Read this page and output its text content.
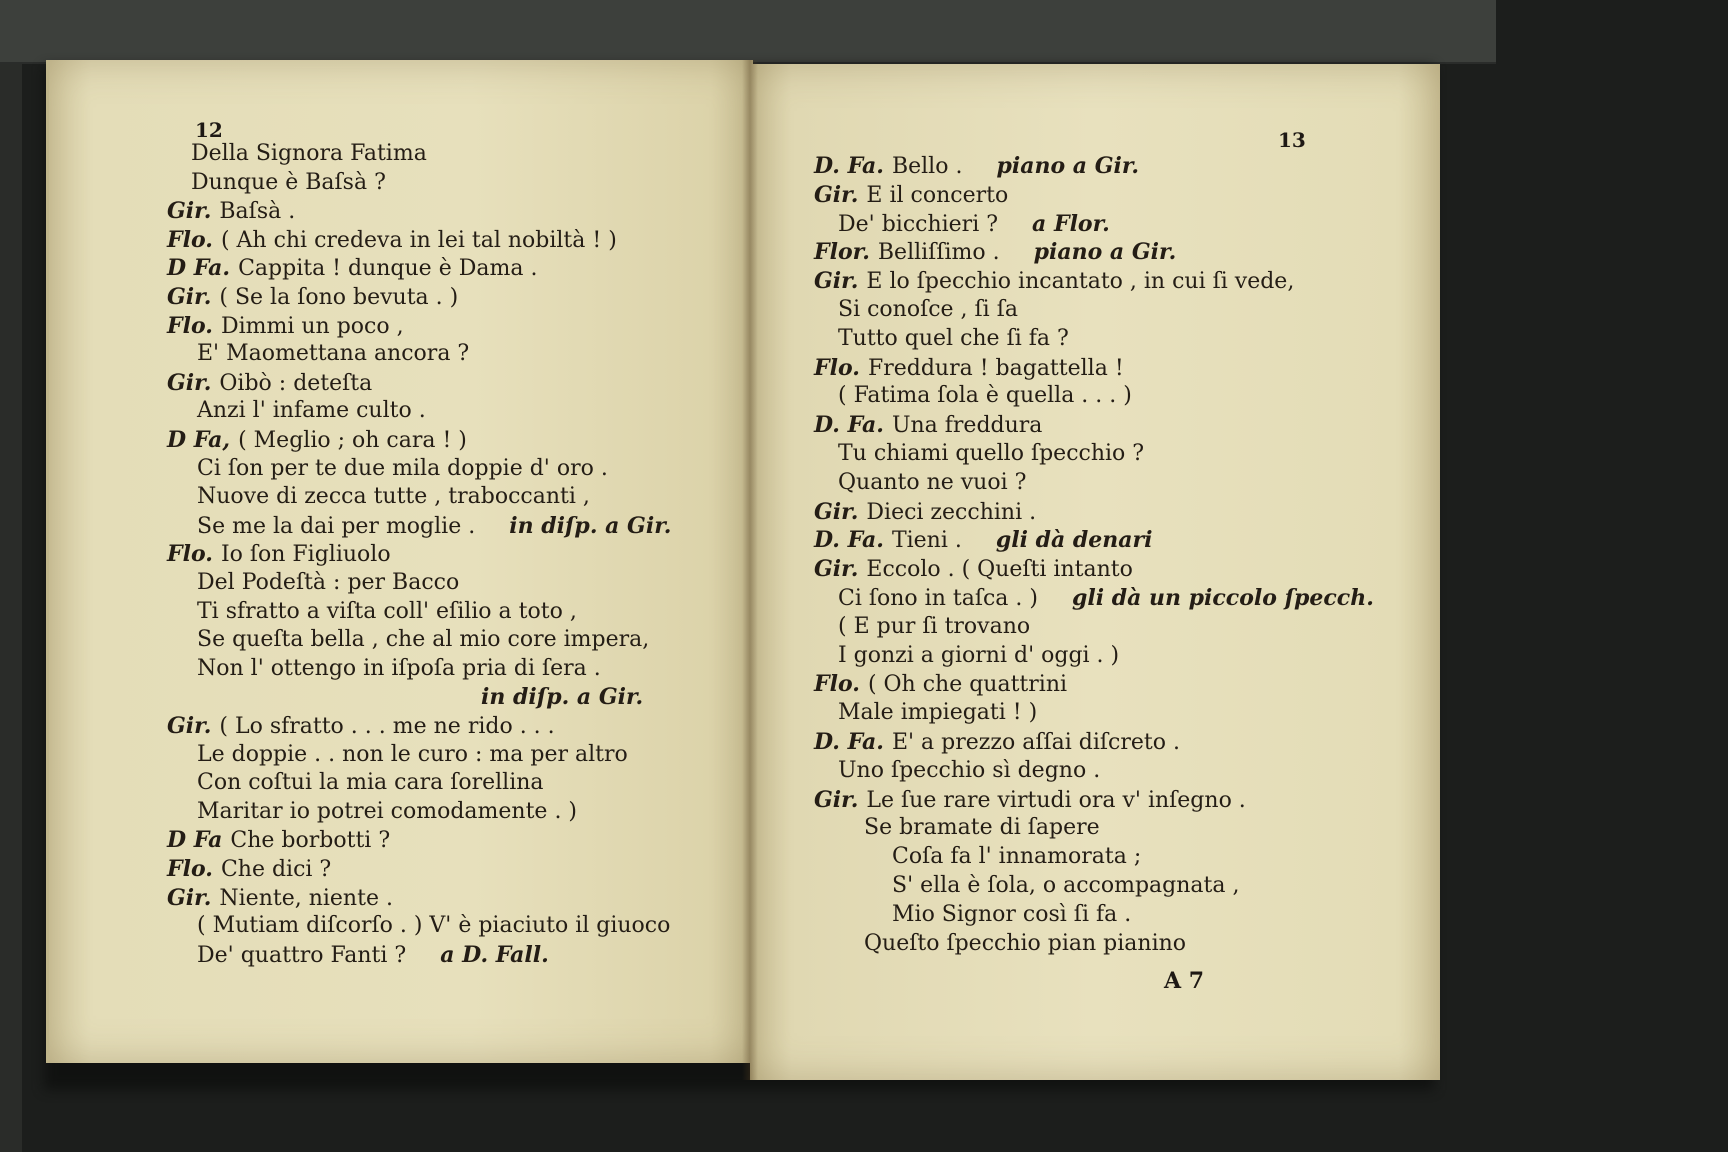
12
Della Signora Fatima
Dunque è Baſsà ?
Gir. Baſsà .
Flo. ( Ah chi credeva in lei tal nobiltà ! )
D Fa. Cappita ! dunque è Dama .
Gir. ( Se la ſono bevuta . )
Flo. Dimmi un poco ,
E' Maomettana ancora ?
Gir. Oibò : deteſta
Anzi l' infame culto .
D Fa, ( Meglio ; oh cara ! )
Ci ſon per te due mila doppie d' oro .
Nuove di zecca tutte , traboccanti ,
Se me la dai per moglie . in diſp. a Gir.
Flo. Io ſon Figliuolo
Del Podeſtà : per Bacco
Ti sfratto a viſta coll' eſilio a toto ,
Se queſta bella , che al mio core impera,
Non l' ottengo in iſpoſa pria di ſera .
in diſp. a Gir.
Gir. ( Lo sfratto . . . me ne rido . . .
Le doppie . . non le curo : ma per altro
Con coſtui la mia cara ſorellina
Maritar io potrei comodamente . )
D Fa Che borbotti ?
Flo. Che dici ?
Gir. Niente, niente .
( Mutiam diſcorſo . ) V' è piaciuto il giuoco
De' quattro Fanti ? a D. Fall.
13
A 7
D. Fa. Bello . piano a Gir.
Gir. E il concerto
De' bicchieri ? a Flor.
Flor. Belliſſimo . piano a Gir.
Gir. E lo ſpecchio incantato , in cui ſi vede,
Si conoſce , ſi ſa
Tutto quel che ſi fa ?
Flo. Freddura ! bagattella !
( Fatima ſola è quella . . . )
D. Fa. Una freddura
Tu chiami quello ſpecchio ?
Quanto ne vuoi ?
Gir. Dieci zecchini .
D. Fa. Tieni . gli dà denari
Gir. Eccolo . ( Queſti intanto
Ci ſono in taſca . ) gli dà un piccolo ſpecch.
( E pur ſi trovano
I gonzi a giorni d' oggi . )
Flo. ( Oh che quattrini
Male impiegati ! )
D. Fa. E' a prezzo aſſai diſcreto .
Uno ſpecchio sì degno .
Gir. Le ſue rare virtudi ora v' inſegno .
Se bramate di ſapere
Coſa fa l' innamorata ;
S' ella è ſola, o accompagnata ,
Mio Signor così ſi fa .
Queſto ſpecchio pian pianino
